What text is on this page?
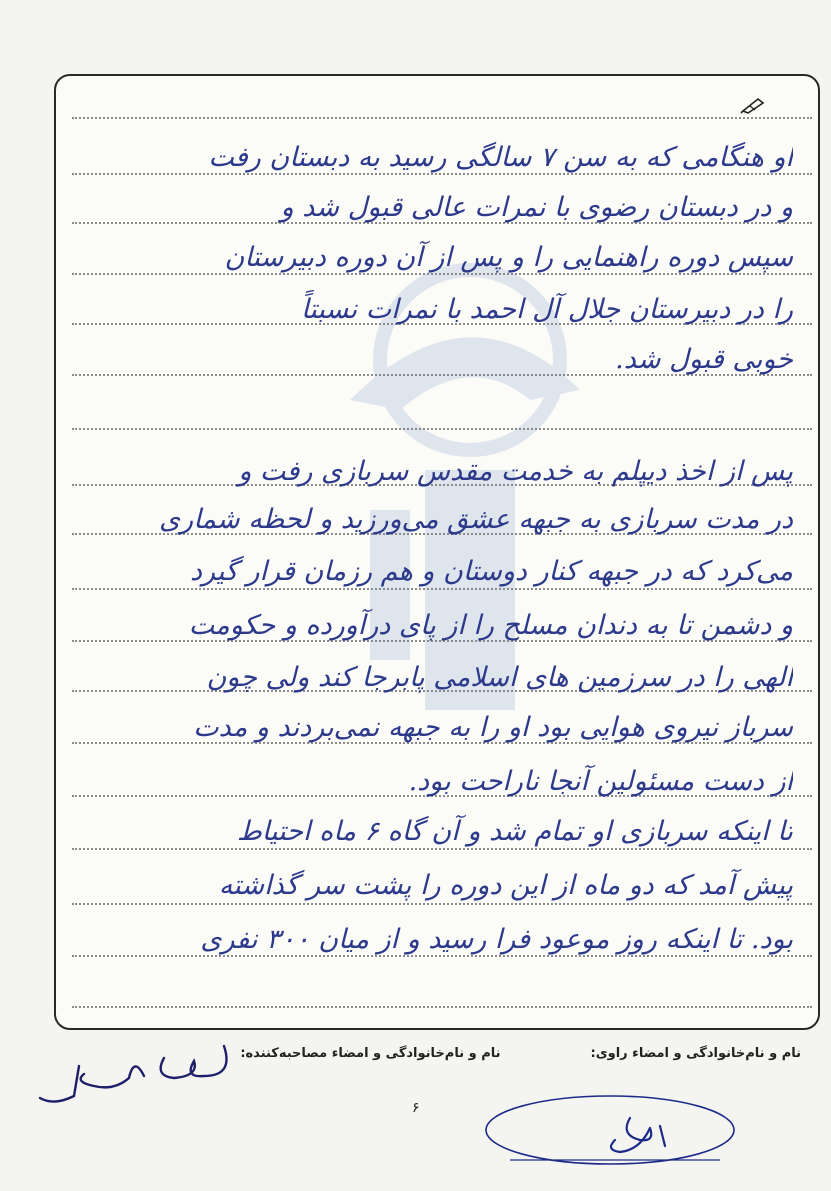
او هنگامی که به سن ۷ سالگی رسید به دبستان رفت
و در دبستان رضوی با نمرات عالی قبول شد و
سپس دوره راهنمایی را و پس از آن دوره دبیرستان
را در دبیرستان جلال آل احمد با نمرات نسبتاً
خوبی قبول شد.
پس از اخذ دیپلم به خدمت مقدس سربازی رفت و
در مدت سربازی به جبهه عشق می‌ورزید و لحظه شماری
می‌کرد که در جبهه کنار دوستان و هم رزمان قرار گیرد
و دشمن تا به دندان مسلح را از پای درآورده و حکومت
الهی را در سرزمین های اسلامی پابرجا کند ولی چون
سرباز نیروی هوایی بود او را به جبهه نمی‌بردند و مدت
از دست مسئولین آنجا ناراحت بود.
تا اینکه سربازی او تمام شد و آن گاه ۶ ماه احتیاط
پیش آمد که دو ماه از این دوره را پشت سر گذاشته
بود. تا اینکه روز موعود فرا رسید و از میان ۳۰۰ نفری
نام و نام‌خانوادگی و امضاء راوی:
نام و نام‌خانوادگی و امضاء مصاحبه‌کننده:
۶
